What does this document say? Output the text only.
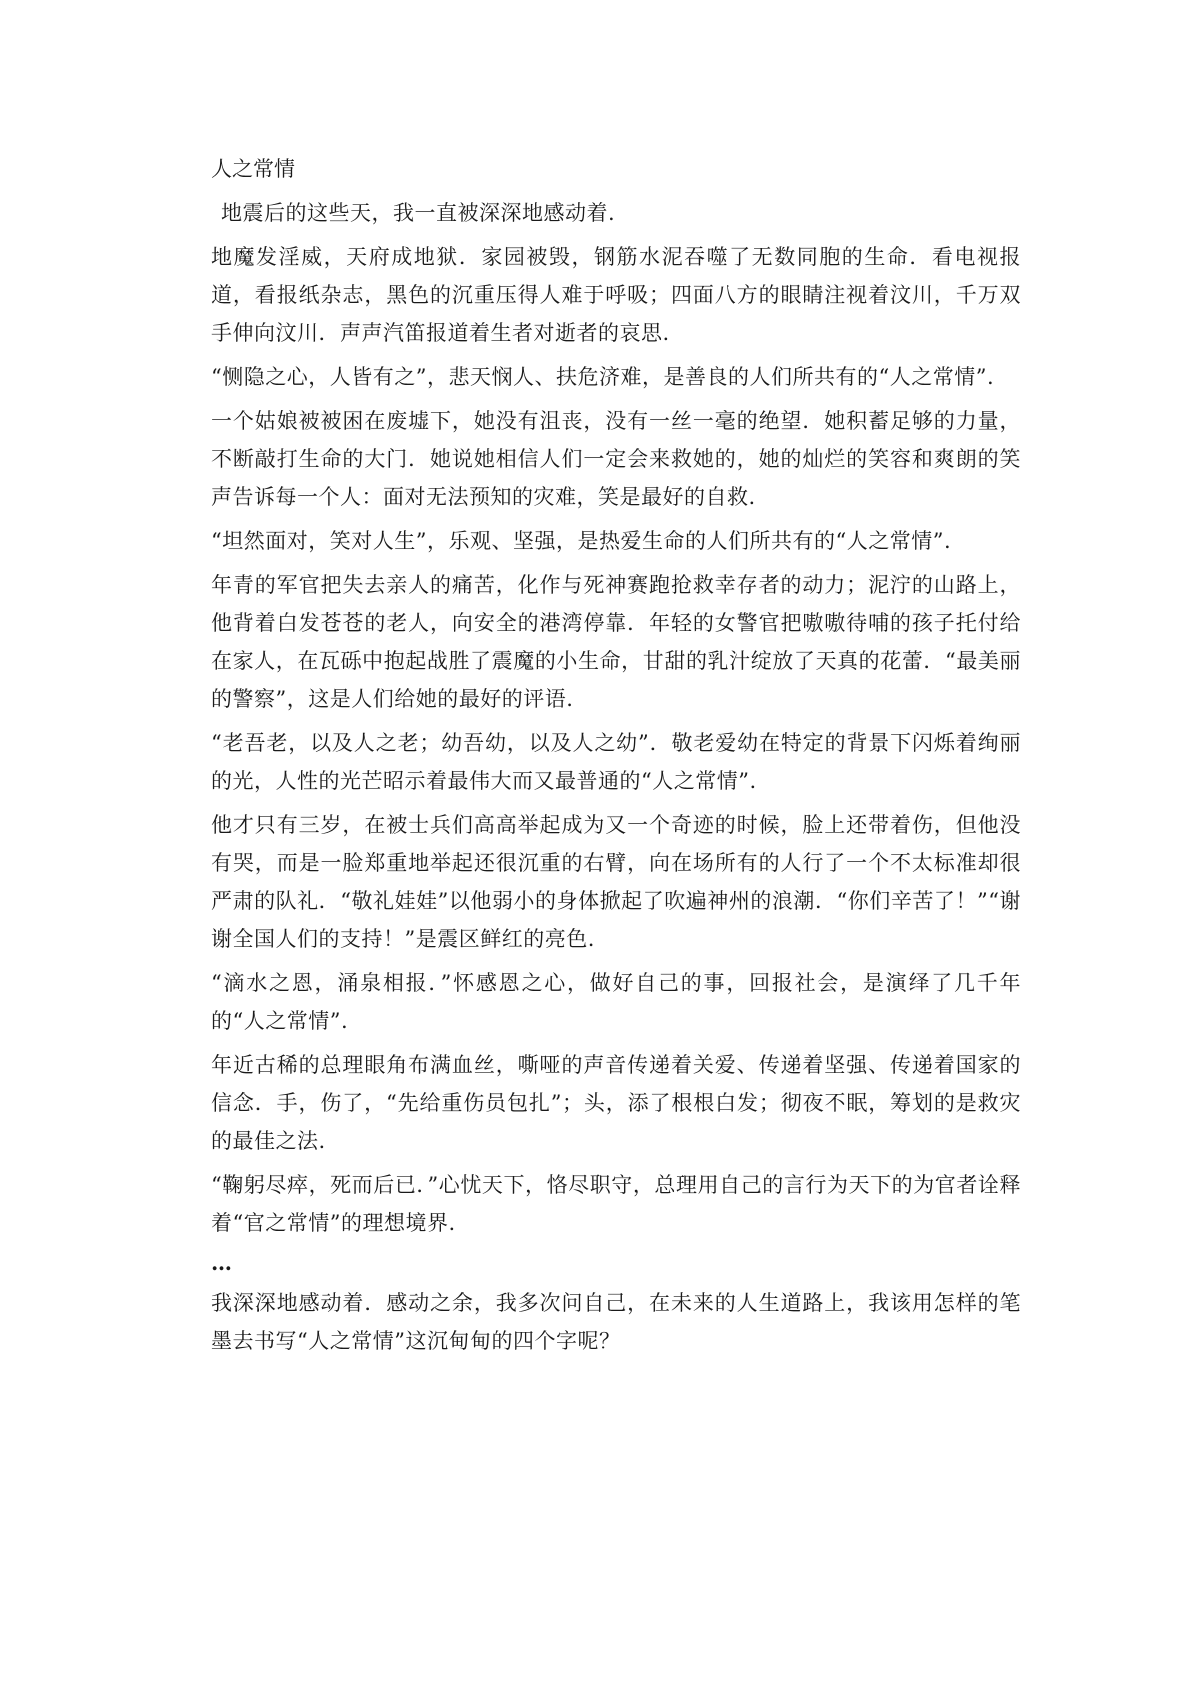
人之常情

地震后的这些天，我一直被深深地感动着.

地魔发淫威，天府成地狱．家园被毁，钢筋水泥吞噬了无数同胞的生命．看电视报道，看报纸杂志，黑色的沉重压得人难于呼吸；四面八方的眼睛注视着汶川，千万双手伸向汶川．声声汽笛报道着生者对逝者的哀思.

“恻隐之心，人皆有之”，悲天悯人、扶危济难，是善良的人们所共有的“人之常情”.

一个姑娘被被困在废墟下，她没有沮丧，没有一丝一毫的绝望．她积蓄足够的力量，不断敲打生命的大门．她说她相信人们一定会来救她的，她的灿烂的笑容和爽朗的笑声告诉每一个人：面对无法预知的灾难，笑是最好的自救.

“坦然面对，笑对人生”，乐观、坚强，是热爱生命的人们所共有的“人之常情”.

年青的军官把失去亲人的痛苦，化作与死神赛跑抢救幸存者的动力；泥泞的山路上，他背着白发苍苍的老人，向安全的港湾停靠．年轻的女警官把嗷嗷待哺的孩子托付给在家人，在瓦砾中抱起战胜了震魔的小生命，甘甜的乳汁绽放了天真的花蕾．“最美丽的警察”，这是人们给她的最好的评语.

“老吾老，以及人之老；幼吾幼，以及人之幼”．敬老爱幼在特定的背景下闪烁着绚丽的光，人性的光芒昭示着最伟大而又最普通的“人之常情”.

他才只有三岁，在被士兵们高高举起成为又一个奇迹的时候，脸上还带着伤，但他没有哭，而是一脸郑重地举起还很沉重的右臂，向在场所有的人行了一个不太标准却很严肃的队礼．“敬礼娃娃”以他弱小的身体掀起了吹遍神州的浪潮．“你们辛苦了！”“谢谢全国人们的支持！”是震区鲜红的亮色.

“滴水之恩，涌泉相报．”怀感恩之心，做好自己的事，回报社会，是演绎了几千年的“人之常情”.

年近古稀的总理眼角布满血丝，嘶哑的声音传递着关爱、传递着坚强、传递着国家的信念．手，伤了，“先给重伤员包扎”；头，添了根根白发；彻夜不眠，筹划的是救灾的最佳之法.

“鞠躬尽瘁，死而后已．”心忧天下，恪尽职守，总理用自己的言行为天下的为官者诠释着“官之常情”的理想境界.

…

我深深地感动着．感动之余，我多次问自己，在未来的人生道路上，我该用怎样的笔墨去书写“人之常情”这沉甸甸的四个字呢？
